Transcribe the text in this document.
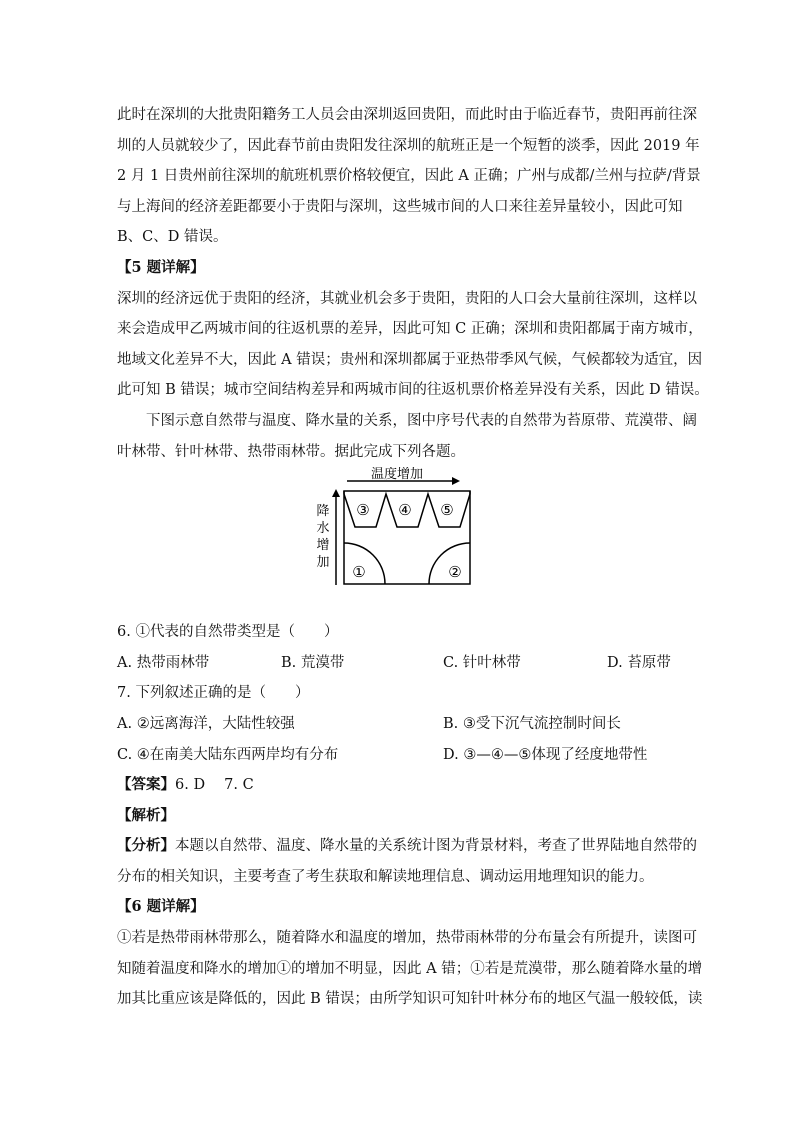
此时在深圳的大批贵阳籍务工人员会由深圳返回贵阳，而此时由于临近春节，贵阳再前往深
圳的人员就较少了，因此春节前由贵阳发往深圳的航班正是一个短暂的淡季，因此 2019 年
2 月 1 日贵州前往深圳的航班机票价格较便宜，因此 A 正确；广州与成都/兰州与拉萨/背景
与上海间的经济差距都要小于贵阳与深圳，这些城市间的人口来往差异量较小，因此可知
B、C、D 错误。
【5 题详解】
深圳的经济远优于贵阳的经济，其就业机会多于贵阳，贵阳的人口会大量前往深圳，这样以
来会造成甲乙两城市间的往返机票的差异，因此可知 C 正确；深圳和贵阳都属于南方城市，
地域文化差异不大，因此 A 错误；贵州和深圳都属于亚热带季风气候，气候都较为适宜，因
此可知 B 错误；城市空间结构差异和两城市间的往返机票价格差异没有关系，因此 D 错误。
下图示意自然带与温度、降水量的关系，图中序号代表的自然带为苔原带、荒漠带、阔
叶林带、针叶林带、热带雨林带。据此完成下列各题。
温度增加
降
水
增
加
③ ④ ⑤
①	②
6. ①代表的自然带类型是（　　）
A. 热带雨林带	B. 荒漠带	C. 针叶林带	D. 苔原带
7. 下列叙述正确的是（　　）
A. ②远离海洋，大陆性较强	B. ③受下沉气流控制时间长
C. ④在南美大陆东西两岸均有分布	D. ③—④—⑤体现了经度地带性
【答案】6. D　 7. C
【解析】
【分析】本题以自然带、温度、降水量的关系统计图为背景材料，考查了世界陆地自然带的
分布的相关知识，主要考查了考生获取和解读地理信息、调动运用地理知识的能力。
【6 题详解】
①若是热带雨林带那么，随着降水和温度的增加，热带雨林带的分布量会有所提升，读图可
知随着温度和降水的增加①的增加不明显，因此 A 错；①若是荒漠带，那么随着降水量的增
加其比重应该是降低的，因此 B 错误；由所学知识可知针叶林分布的地区气温一般较低，读
